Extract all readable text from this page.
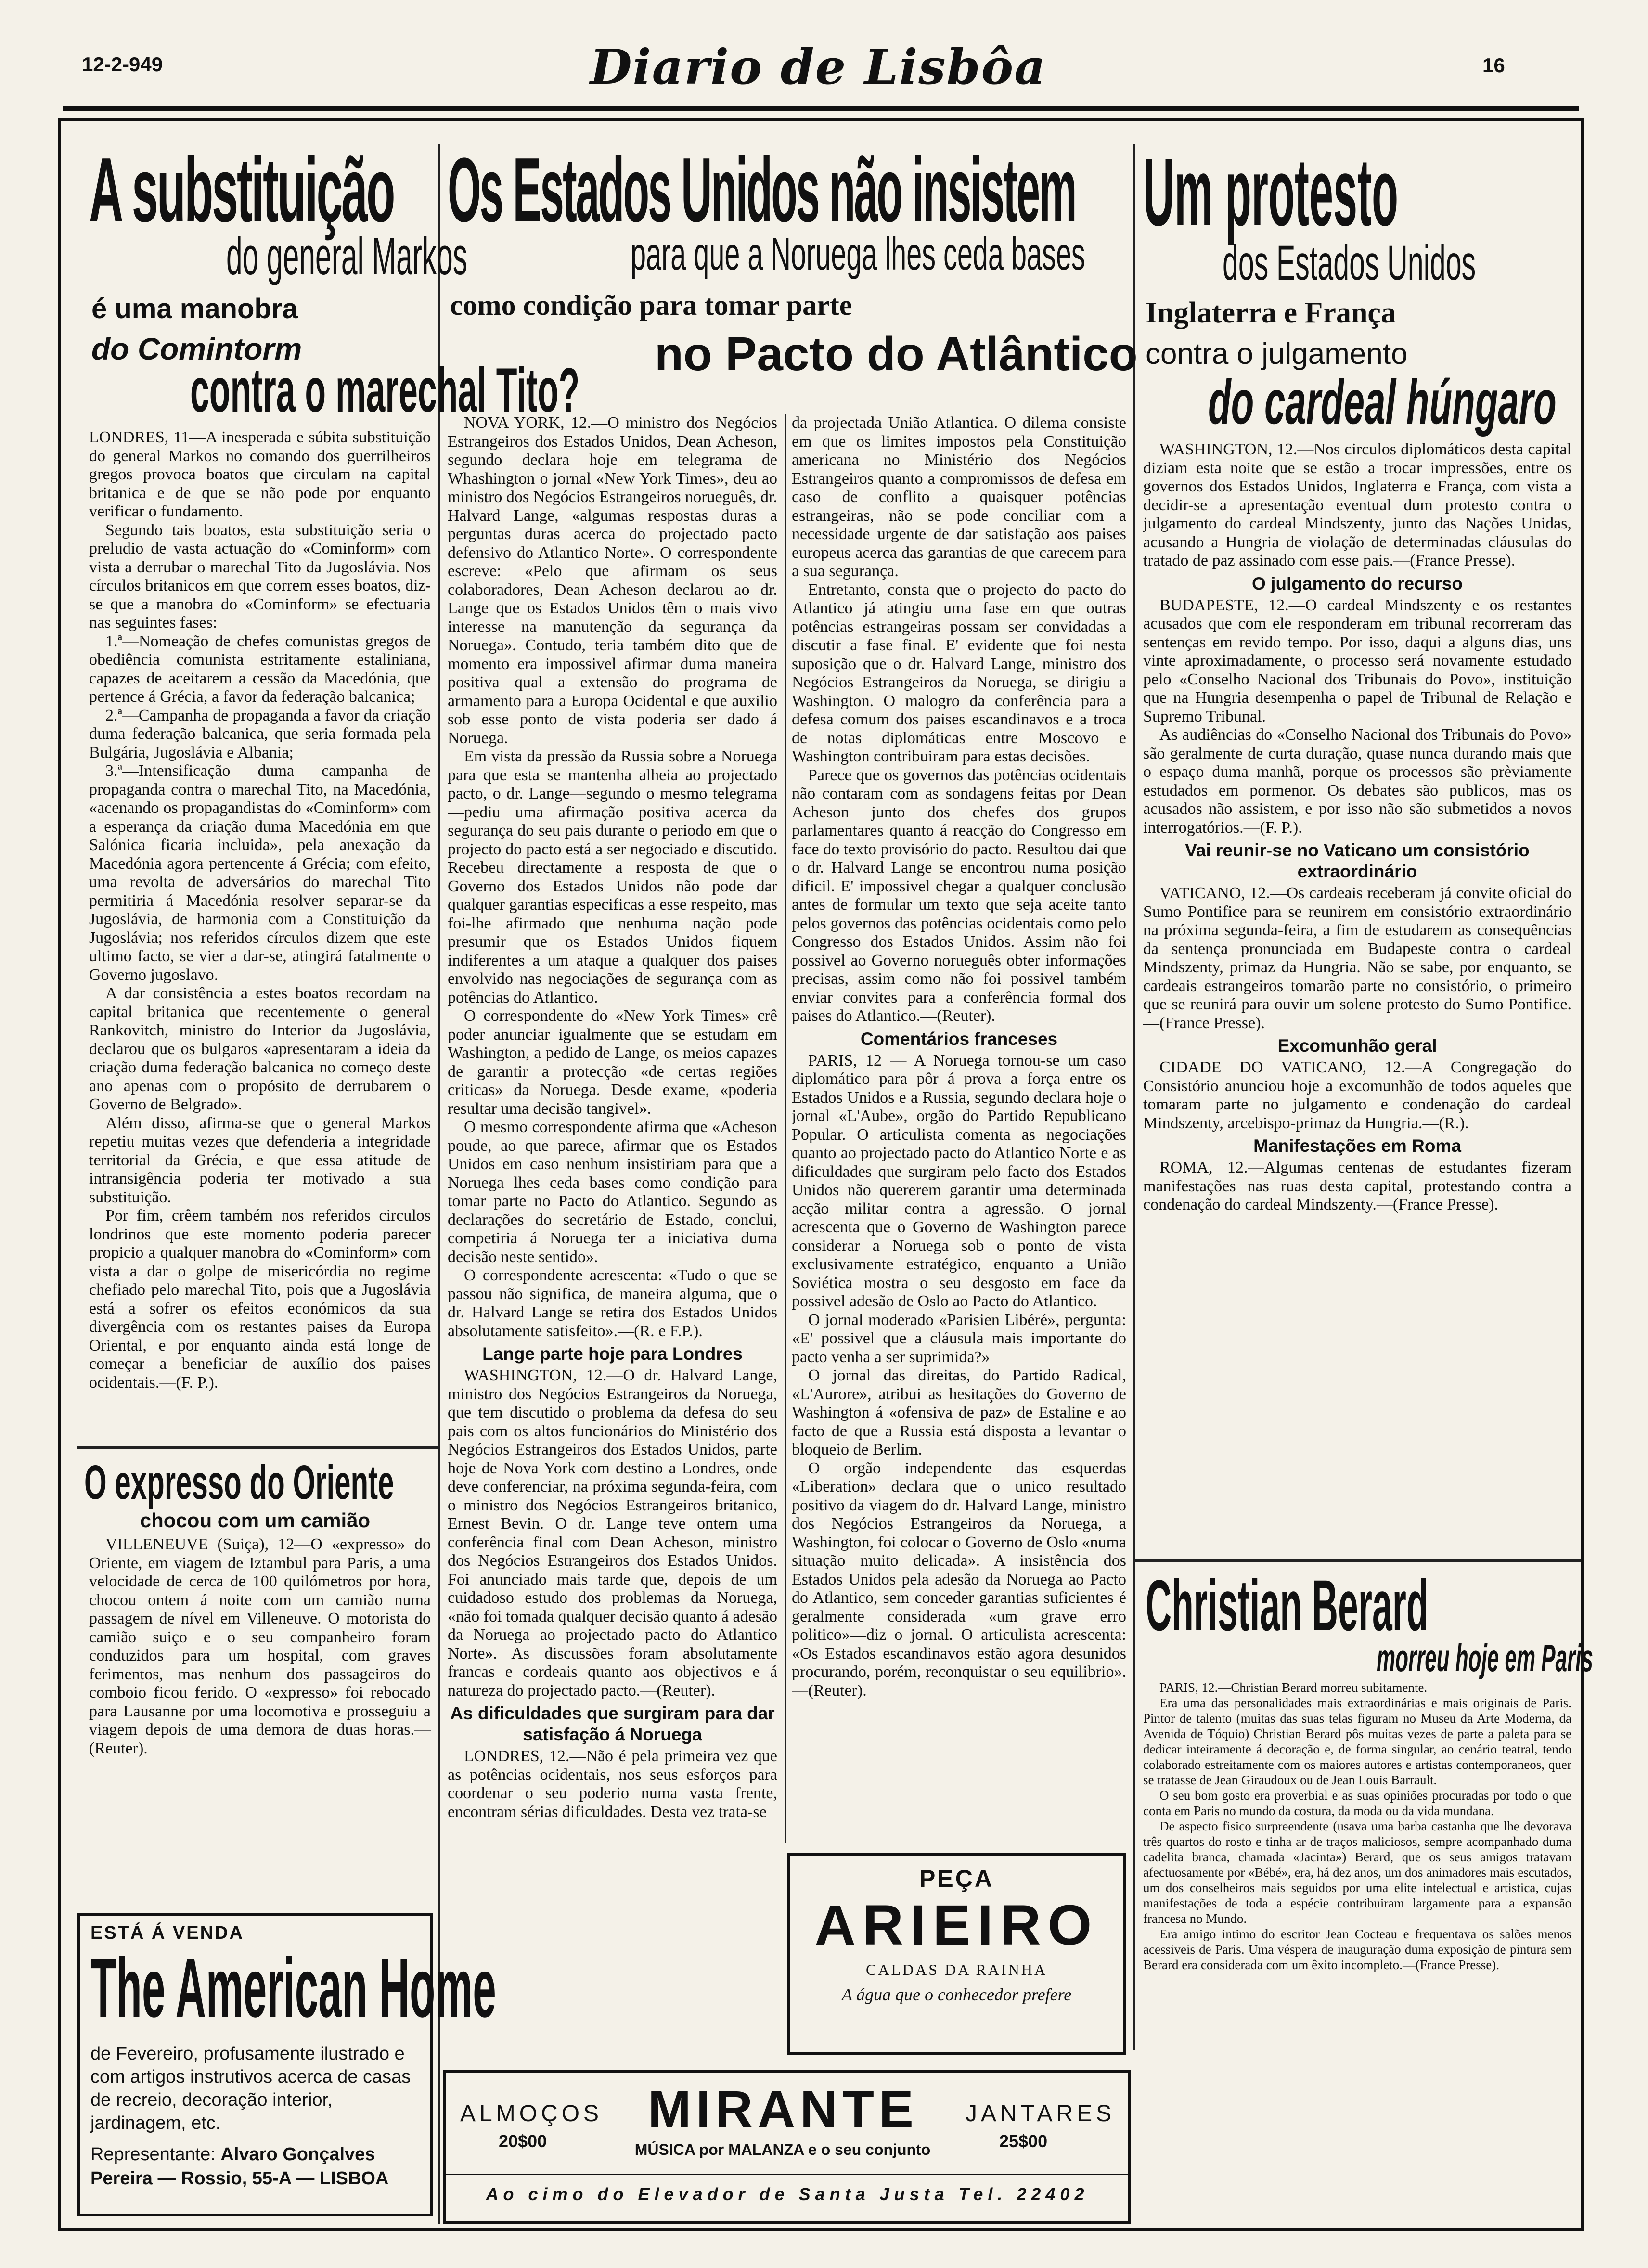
12-2-949	Diario de Lisbôa	16
A substituição
do general Markos
é uma manobra
do Comintorm
contra o marechal Tito?

LONDRES, 11—A inesperada e súbita substituição do general Markos no comando dos guerrilheiros gregos provoca boatos que circulam na capital britanica e de que se não pode por enquanto verificar o fundamento.

Segundo tais boatos, esta substituição seria o preludio de vasta actuação do «Cominform» com vista a derrubar o marechal Tito da Jugoslávia. Nos círculos britanicos em que correm esses boatos, diz-se que a manobra do «Cominform» se efectuaria nas seguintes fases:

1.ª—Nomeação de chefes comunistas gregos de obediência comunista estritamente estaliniana, capazes de aceitarem a cessão da Macedónia, que pertence á Grécia, a favor da federação balcanica;

2.ª—Campanha de propaganda a favor da criação duma federação balcanica, que seria formada pela Bulgária, Jugoslávia e Albania;

3.ª—Intensificação duma campanha de propaganda contra o marechal Tito, na Macedónia, «acenando os propagandistas do «Cominform» com a esperança da criação duma Macedónia em que Salónica ficaria incluida», pela anexação da Macedónia agora pertencente á Grécia; com efeito, uma revolta de adversários do marechal Tito permitiria á Macedónia resolver separar-se da Jugoslávia, de harmonia com a Constituição da Jugoslávia; nos referidos círculos dizem que este ultimo facto, se vier a dar-se, atingirá fatalmente o Governo jugoslavo.

A dar consistência a estes boatos recordam na capital britanica que recentemente o general Rankovitch, ministro do Interior da Jugoslávia, declarou que os bulgaros «apresentaram a ideia da criação duma federação balcanica no começo deste ano apenas com o propósito de derrubarem o Governo de Belgrado».

Além disso, afirma-se que o general Markos repetiu muitas vezes que defenderia a integridade territorial da Grécia, e que essa atitude de intransigência poderia ter motivado a sua substituição.

Por fim, crêem também nos referidos circulos londrinos que este momento poderia parecer propicio a qualquer manobra do «Cominform» com vista a dar o golpe de misericórdia no regime chefiado pelo marechal Tito, pois que a Jugoslávia está a sofrer os efeitos económicos da sua divergência com os restantes paises da Europa Oriental, e por enquanto ainda está longe de começar a beneficiar de auxílio dos paises ocidentais.—(F. P.).

O expresso do Oriente
chocou com um camião

VILLENEUVE (Suiça), 12—O «expresso» do Oriente, em viagem de Iztambul para Paris, a uma velocidade de cerca de 100 quilómetros por hora, chocou ontem á noite com um camião numa passagem de nível em Villeneuve. O motorista do camião suiço e o seu companheiro foram conduzidos para um hospital, com graves ferimentos, mas nenhum dos passageiros do comboio ficou ferido. O «expresso» foi rebocado para Lausanne por uma locomotiva e prosseguiu a viagem depois de uma demora de duas horas.—(Reuter).

ESTÁ Á VENDA
The American Home
de Fevereiro, profusamente ilustrado e com artigos instrutivos acerca de casas de recreio, decoração interior, jardinagem, etc.
Representante: Alvaro Gonçalves Pereira — Rossio, 55-A — LISBOA
Os Estados Unidos não insistem
para que a Noruega lhes ceda bases
como condição para tomar parte
no Pacto do Atlântico

NOVA YORK, 12.—O ministro dos Negócios Estrangeiros dos Estados Unidos, Dean Acheson, segundo declara hoje em telegrama de Whashington o jornal «New York Times», deu ao ministro dos Negócios Estrangeiros norueguês, dr. Halvard Lange, «algumas respostas duras a perguntas duras acerca do projectado pacto defensivo do Atlantico Norte». O correspondente escreve: «Pelo que afirmam os seus colaboradores, Dean Acheson declarou ao dr. Lange que os Estados Unidos têm o mais vivo interesse na manutenção da segurança da Noruega». Contudo, teria também dito que de momento era impossivel afirmar duma maneira positiva qual a extensão do programa de armamento para a Europa Ocidental e que auxilio sob esse ponto de vista poderia ser dado á Noruega.

Em vista da pressão da Russia sobre a Noruega para que esta se mantenha alheia ao projectado pacto, o dr. Lange—segundo o mesmo telegrama—pediu uma afirmação positiva acerca da segurança do seu pais durante o periodo em que o projecto do pacto está a ser negociado e discutido. Recebeu directamente a resposta de que o Governo dos Estados Unidos não pode dar qualquer garantias especificas a esse respeito, mas foi-lhe afirmado que nenhuma nação pode presumir que os Estados Unidos fiquem indiferentes a um ataque a qualquer dos paises envolvido nas negociações de segurança com as potências do Atlantico.

O correspondente do «New York Times» crê poder anunciar igualmente que se estudam em Washington, a pedido de Lange, os meios capazes de garantir a protecção «de certas regiões criticas» da Noruega. Desde exame, «poderia resultar uma decisão tangivel».

O mesmo correspondente afirma que «Acheson poude, ao que parece, afirmar que os Estados Unidos em caso nenhum insistiriam para que a Noruega lhes ceda bases como condição para tomar parte no Pacto do Atlantico. Segundo as declarações do secretário de Estado, conclui, competiria á Noruega ter a iniciativa duma decisão neste sentido».

O correspondente acrescenta: «Tudo o que se passou não significa, de maneira alguma, que o dr. Halvard Lange se retira dos Estados Unidos absolutamente satisfeito».—(R. e F.P.).

Lange parte hoje para Londres

WASHINGTON, 12.—O dr. Halvard Lange, ministro dos Negócios Estrangeiros da Noruega, que tem discutido o problema da defesa do seu pais com os altos funcionários do Ministério dos Negócios Estrangeiros dos Estados Unidos, parte hoje de Nova York com destino a Londres, onde deve conferenciar, na próxima segunda-feira, com o ministro dos Negócios Estrangeiros britanico, Ernest Bevin. O dr. Lange teve ontem uma conferência final com Dean Acheson, ministro dos Negócios Estrangeiros dos Estados Unidos. Foi anunciado mais tarde que, depois de um cuidadoso estudo dos problemas da Noruega, «não foi tomada qualquer decisão quanto á adesão da Noruega ao projectado pacto do Atlantico Norte». As discussões foram absolutamente francas e cordeais quanto aos objectivos e á natureza do projectado pacto.—(Reuter).

As dificuldades que surgiram para dar satisfação á Noruega

LONDRES, 12.—Não é pela primeira vez que as potências ocidentais, nos seus esforços para coordenar o seu poderio numa vasta frente, encontram sérias dificuldades. Desta vez trata-se

da projectada União Atlantica. O dilema consiste em que os limites impostos pela Constituição americana no Ministério dos Negócios Estrangeiros quanto a compromissos de defesa em caso de conflito a quaisquer potências estrangeiras, não se pode conciliar com a necessidade urgente de dar satisfação aos paises europeus acerca das garantias de que carecem para a sua segurança.

Entretanto, consta que o projecto do pacto do Atlantico já atingiu uma fase em que outras potências estrangeiras possam ser convidadas a discutir a fase final. E' evidente que foi nesta suposição que o dr. Halvard Lange, ministro dos Negócios Estrangeiros da Noruega, se dirigiu a Washington. O malogro da conferência para a defesa comum dos paises escandinavos e a troca de notas diplomáticas entre Moscovo e Washington contribuiram para estas decisões.

Parece que os governos das potências ocidentais não contaram com as sondagens feitas por Dean Acheson junto dos chefes dos grupos parlamentares quanto á reacção do Congresso em face do texto provisório do pacto. Resultou dai que o dr. Halvard Lange se encontrou numa posição dificil. E' impossivel chegar a qualquer conclusão antes de formular um texto que seja aceite tanto pelos governos das potências ocidentais como pelo Congresso dos Estados Unidos. Assim não foi possivel ao Governo norueguês obter informações precisas, assim como não foi possivel também enviar convites para a conferência formal dos paises do Atlantico.—(Reuter).

Comentários franceses

PARIS, 12 — A Noruega tornou-se um caso diplomático para pôr á prova a força entre os Estados Unidos e a Russia, segundo declara hoje o jornal «L'Aube», orgão do Partido Republicano Popular. O articulista comenta as negociações quanto ao projectado pacto do Atlantico Norte e as dificuldades que surgiram pelo facto dos Estados Unidos não quererem garantir uma determinada acção militar contra a agressão. O jornal acrescenta que o Governo de Washington parece considerar a Noruega sob o ponto de vista exclusivamente estratégico, enquanto a União Soviética mostra o seu desgosto em face da possivel adesão de Oslo ao Pacto do Atlantico.

O jornal moderado «Parisien Libéré», pergunta: «E' possivel que a cláusula mais importante do pacto venha a ser suprimida?»

O jornal das direitas, do Partido Radical, «L'Aurore», atribui as hesitações do Governo de Washington á «ofensiva de paz» de Estaline e ao facto de que a Russia está disposta a levantar o bloqueio de Berlim.

O orgão independente das esquerdas «Liberation» declara que o unico resultado positivo da viagem do dr. Halvard Lange, ministro dos Negócios Estrangeiros da Noruega, a Washington, foi colocar o Governo de Oslo «numa situação muito delicada». A insistência dos Estados Unidos pela adesão da Noruega ao Pacto do Atlantico, sem conceder garantias suficientes é geralmente considerada «um grave erro politico»—diz o jornal. O articulista acrescenta: «Os Estados escandinavos estão agora desunidos procurando, porém, reconquistar o seu equilibrio».—(Reuter).

PEÇA
ARIEIRO
CALDAS DA RAINHA
A água que o conhecedor prefere
ALMOÇOS
20$00
MIRANTE JANTARES
25$00
MÚSICA por MALANZA e o seu conjunto
Ao cimo do Elevador de Santa Justa Tel. 22402
Um protesto
dos Estados Unidos
Inglaterra e França
contra o julgamento
do cardeal húngaro

WASHINGTON, 12.—Nos circulos diplomáticos desta capital diziam esta noite que se estão a trocar impressões, entre os governos dos Estados Unidos, Inglaterra e França, com vista a decidir-se a apresentação eventual dum protesto contra o julgamento do cardeal Mindszenty, junto das Nações Unidas, acusando a Hungria de violação de determinadas cláusulas do tratado de paz assinado com esse pais.—(France Presse).

O julgamento do recurso

BUDAPESTE, 12.—O cardeal Mindszenty e os restantes acusados que com ele responderam em tribunal recorreram das sentenças em revido tempo. Por isso, daqui a alguns dias, uns vinte aproximadamente, o processo será novamente estudado pelo «Conselho Nacional dos Tribunais do Povo», instituição que na Hungria desempenha o papel de Tribunal de Relação e Supremo Tribunal.

As audiências do «Conselho Nacional dos Tribunais do Povo» são geralmente de curta duração, quase nunca durando mais que o espaço duma manhã, porque os processos são prèviamente estudados em pormenor. Os debates são publicos, mas os acusados não assistem, e por isso não são submetidos a novos interrogatórios.—(F. P.).

Vai reunir-se no Vaticano um consistório extraordinário

VATICANO, 12.—Os cardeais receberam já convite oficial do Sumo Pontifice para se reunirem em consistório extraordinário na próxima segunda-feira, a fim de estudarem as consequências da sentença pronunciada em Budapeste contra o cardeal Mindszenty, primaz da Hungria. Não se sabe, por enquanto, se cardeais estrangeiros tomarão parte no consistório, o primeiro que se reunirá para ouvir um solene protesto do Sumo Pontifice.—(France Presse).

Excomunhão geral

CIDADE DO VATICANO, 12.—A Congregação do Consistório anunciou hoje a excomunhão de todos aqueles que tomaram parte no julgamento e condenação do cardeal Mindszenty, arcebispo-primaz da Hungria.—(R.).

Manifestações em Roma

ROMA, 12.—Algumas centenas de estudantes fizeram manifestações nas ruas desta capital, protestando contra a condenação do cardeal Mindszenty.—(France Presse).

Christian Berard
morreu hoje em Paris

PARIS, 12.—Christian Berard morreu subitamente.

Era uma das personalidades mais extraordinárias e mais originais de Paris. Pintor de talento (muitas das suas telas figuram no Museu da Arte Moderna, da Avenida de Tóquio) Christian Berard pôs muitas vezes de parte a paleta para se dedicar inteiramente á decoração e, de forma singular, ao cenário teatral, tendo colaborado estreitamente com os maiores autores e artistas contemporaneos, quer se tratasse de Jean Giraudoux ou de Jean Louis Barrault.

O seu bom gosto era proverbial e as suas opiniões procuradas por todo o que conta em Paris no mundo da costura, da moda ou da vida mundana.

De aspecto fisico surpreendente (usava uma barba castanha que lhe devorava três quartos do rosto e tinha ar de traços maliciosos, sempre acompanhado duma cadelita branca, chamada «Jacinta») Berard, que os seus amigos tratavam afectuosamente por «Bébé», era, há dez anos, um dos animadores mais escutados, um dos conselheiros mais seguidos por uma elite intelectual e artistica, cujas manifestações de toda a espécie contribuiram largamente para a expansão francesa no Mundo.

Era amigo intimo do escritor Jean Cocteau e frequentava os salões menos acessiveis de Paris. Uma véspera de inauguração duma exposição de pintura sem Berard era considerada com um êxito incompleto.—(France Presse).
